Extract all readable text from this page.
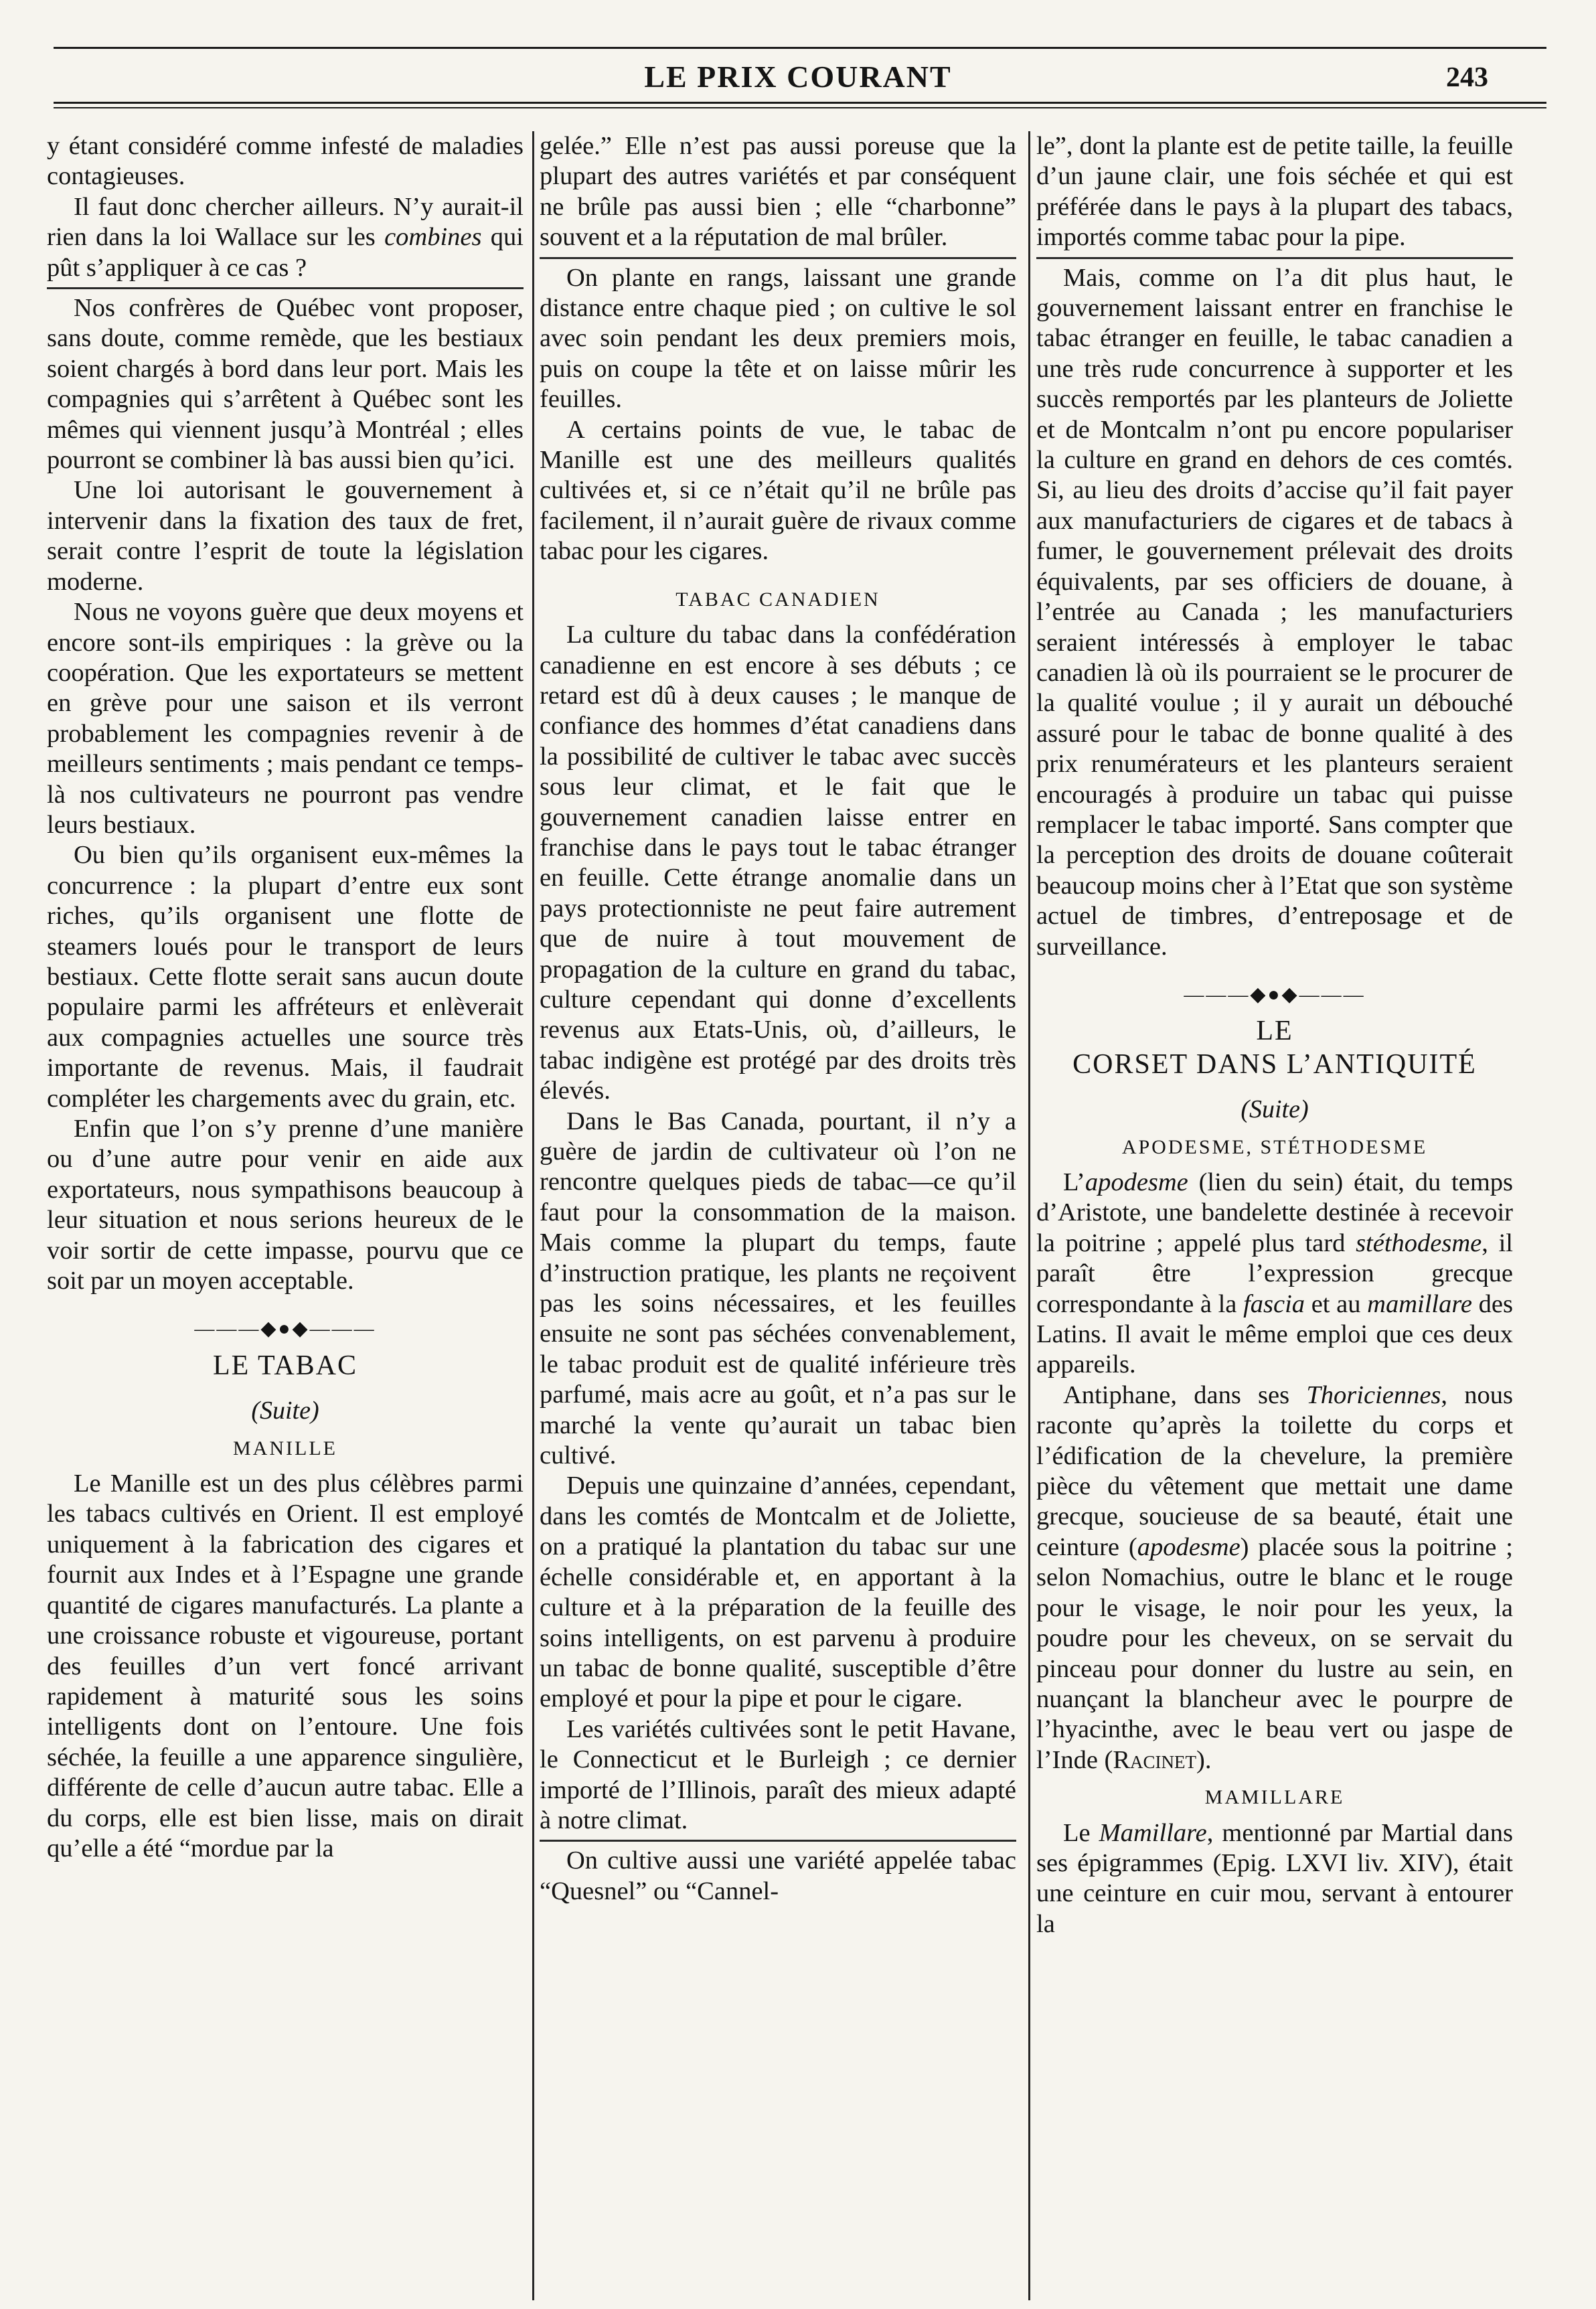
LE PRIX COURANT	243

y étant considéré comme infesté de maladies contagieuses.

Il faut donc chercher ailleurs. N’y aurait-il rien dans la loi Wallace sur les combines qui pût s’appliquer à ce cas ?

Nos confrères de Québec vont proposer, sans doute, comme remède, que les bestiaux soient chargés à bord dans leur port. Mais les compagnies qui s’arrêtent à Québec sont les mêmes qui viennent jusqu’à Montréal ; elles pourront se combiner là bas aussi bien qu’ici.

Une loi autorisant le gouvernement à intervenir dans la fixation des taux de fret, serait contre l’esprit de toute la législation moderne.

Nous ne voyons guère que deux moyens et encore sont-ils empiriques : la grève ou la coopération. Que les exportateurs se mettent en grève pour une saison et ils verront probablement les compagnies revenir à de meilleurs sentiments ; mais pendant ce temps-là nos cultivateurs ne pourront pas vendre leurs bestiaux.

Ou bien qu’ils organisent eux-mêmes la concurrence : la plupart d’entre eux sont riches, qu’ils organisent une flotte de steamers loués pour le transport de leurs bestiaux. Cette flotte serait sans aucun doute populaire parmi les affréteurs et enlèverait aux compagnies actuelles une source très importante de revenus. Mais, il faudrait compléter les chargements avec du grain, etc.

Enfin que l’on s’y prenne d’une manière ou d’une autre pour venir en aide aux exportateurs, nous sympathisons beaucoup à leur situation et nous serions heureux de le voir sortir de cette impasse, pourvu que ce soit par un moyen acceptable.

———◆●◆———
LE TABAC
(Suite)
MANILLE

Le Manille est un des plus célèbres parmi les tabacs cultivés en Orient. Il est employé uniquement à la fabrication des cigares et fournit aux Indes et à l’Espagne une grande quantité de cigares manufacturés. La plante a une croissance robuste et vigoureuse, portant des feuilles d’un vert foncé arrivant rapidement à maturité sous les soins intelligents dont on l’entoure. Une fois séchée, la feuille a une apparence singulière, différente de celle d’aucun autre tabac. Elle a du corps, elle est bien lisse, mais on dirait qu’elle a été “mordue par la

gelée.” Elle n’est pas aussi poreuse que la plupart des autres variétés et par conséquent ne brûle pas aussi bien ; elle “charbonne” souvent et a la réputation de mal brûler.

On plante en rangs, laissant une grande distance entre chaque pied ; on cultive le sol avec soin pendant les deux premiers mois, puis on coupe la tête et on laisse mûrir les feuilles.

A certains points de vue, le tabac de Manille est une des meilleurs qualités cultivées et, si ce n’était qu’il ne brûle pas facilement, il n’aurait guère de rivaux comme tabac pour les cigares.

TABAC CANADIEN

La culture du tabac dans la confédération canadienne en est encore à ses débuts ; ce retard est dû à deux causes ; le manque de confiance des hommes d’état canadiens dans la possibilité de cultiver le tabac avec succès sous leur climat, et le fait que le gouvernement canadien laisse entrer en franchise dans le pays tout le tabac étranger en feuille. Cette étrange anomalie dans un pays protectionniste ne peut faire autrement que de nuire à tout mouvement de propagation de la culture en grand du tabac, culture cependant qui donne d’excellents revenus aux Etats-Unis, où, d’ailleurs, le tabac indigène est protégé par des droits très élevés.

Dans le Bas Canada, pourtant, il n’y a guère de jardin de cultivateur où l’on ne rencontre quelques pieds de tabac—ce qu’il faut pour la consommation de la maison. Mais comme la plupart du temps, faute d’instruction pratique, les plants ne reçoivent pas les soins nécessaires, et les feuilles ensuite ne sont pas séchées convenablement, le tabac produit est de qualité inférieure très parfumé, mais acre au goût, et n’a pas sur le marché la vente qu’aurait un tabac bien cultivé.

Depuis une quinzaine d’années, cependant, dans les comtés de Montcalm et de Joliette, on a pratiqué la plantation du tabac sur une échelle considérable et, en apportant à la culture et à la préparation de la feuille des soins intelligents, on est parvenu à produire un tabac de bonne qualité, susceptible d’être employé et pour la pipe et pour le cigare.

Les variétés cultivées sont le petit Havane, le Connecticut et le Burleigh ; ce dernier importé de l’Illinois, paraît des mieux adapté à notre climat.

On cultive aussi une variété appelée tabac “Quesnel” ou “Cannel-

le”, dont la plante est de petite taille, la feuille d’un jaune clair, une fois séchée et qui est préférée dans le pays à la plupart des tabacs, importés comme tabac pour la pipe.

Mais, comme on l’a dit plus haut, le gouvernement laissant entrer en franchise le tabac étranger en feuille, le tabac canadien a une très rude concurrence à supporter et les succès remportés par les planteurs de Joliette et de Montcalm n’ont pu encore populariser la culture en grand en dehors de ces comtés. Si, au lieu des droits d’accise qu’il fait payer aux manufacturiers de cigares et de tabacs à fumer, le gouvernement prélevait des droits équivalents, par ses officiers de douane, à l’entrée au Canada ; les manufacturiers seraient intéressés à employer le tabac canadien là où ils pourraient se le procurer de la qualité voulue ; il y aurait un débouché assuré pour le tabac de bonne qualité à des prix renumérateurs et les planteurs seraient encouragés à produire un tabac qui puisse remplacer le tabac importé. Sans compter que la perception des droits de douane coûterait beaucoup moins cher à l’Etat que son système actuel de timbres, d’entreposage et de surveillance.

———◆●◆———
LE
CORSET DANS L’ANTIQUITÉ
(Suite)
APODESME, STÉTHODESME

L’apodesme (lien du sein) était, du temps d’Aristote, une bandelette destinée à recevoir la poitrine ; appelé plus tard stéthodesme, il paraît être l’expression grecque correspondante à la fascia et au mamillare des Latins. Il avait le même emploi que ces deux appareils.

Antiphane, dans ses Thoriciennes, nous raconte qu’après la toilette du corps et l’édification de la chevelure, la première pièce du vêtement que mettait une dame grecque, soucieuse de sa beauté, était une ceinture (apodesme) placée sous la poitrine ; selon Nomachius, outre le blanc et le rouge pour le visage, le noir pour les yeux, la poudre pour les cheveux, on se servait du pinceau pour donner du lustre au sein, en nuançant la blancheur avec le pourpre de l’hyacinthe, avec le beau vert ou jaspe de l’Inde (Racinet).

MAMILLARE

Le Mamillare, mentionné par Martial dans ses épigrammes (Epig. LXVI liv. XIV), était une ceinture en cuir mou, servant à entourer la
